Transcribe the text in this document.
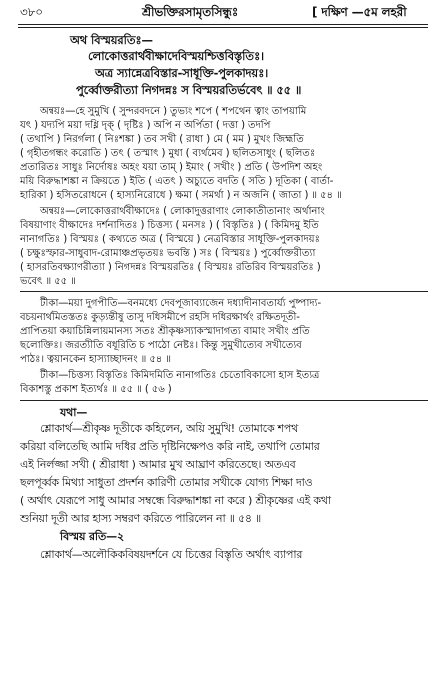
৩৮০	শ্রীভক্তিরসামৃতসিন্ধুঃ	[ দক্ষিণ —৫ম লহরী
অথ বিস্ময়রতিঃ—
লোকোত্তরার্থবীক্ষাদেবিস্ময়শ্চিত্তবিস্তৃতিঃ।
অত্র স্যান্নেত্রবিস্তার-সাধূক্তি-পুলকাদয়ঃ।
পুর্ব্বোক্তরীত্যা নিগদন্নঃ স বিস্ময়রতির্ভবেৎ ॥ ৫৫ ॥
অন্বয়ঃ—হে সুমুখি ( সুন্দরবদনে ) তুভ্যং শপে ( শপথেন ত্বাং তাপয়ামি
যৎ ) যদ্যপি ময়া দধ্নি দৃক্ ( দৃষ্টিঃ ) অপি ন অর্পিতা ( দত্তা ) তদপি
( তথাপি ) নিরর্গলা ( নিঃশঙ্কা ) তব সখী ( রাধা ) মে ( মম ) মুখং জিহ্মতি
( গৃহীতগন্ধং করোতি ) তৎ ( তস্মাৎ ) মুধা ( ব্যর্থমেব ) ছলিতসাধুং ( ছলিতঃ
প্রতারিতঃ সাধুঃ নির্দোষঃ অহং যয়া তাম্ ) ইমাং ( সখীং ) প্রতি ( উপদিশ অহং
ময়ি বিরুদ্ধাশঙ্কা ন ক্রিয়তে ) ইতি ( এতৎ ) অচ্যুতে বদতি ( সতি ) দূতিকা ( বার্তা-
হারিকা ) হসিতরোধনে ( হাস্যনিরোধে ) ক্ষমা ( সমর্থা ) ন অজনি ( জাতা ) ॥ ৫৪ ॥
অন্বয়ঃ—লোকোত্তরার্থবীক্ষাদেঃ ( লোকাদুত্তরাণাং লোকাতীতানাং অর্থানাং
বিষয়াণাং বীক্ষাদেঃ দর্শনাদিতঃ ) চিত্তস্য ( মনসঃ ) ( বিস্তৃতিঃ ) ( কিমিদমু ইতি
নানাগতিঃ ) বিস্ময়ঃ ( কথ্যতে অত্র ( বিস্ময়ে ) নেত্রবিস্তার সাধূক্তি-পুলকাদয়ঃ
( চক্ষুঃস্ফার-সাধুবাদ-রোমাঞ্চপ্রভৃতয়ঃ ভবন্তি ) সঃ ( বিস্ময়ঃ ) পুর্ব্বোক্তরীত্যা
( হাসরতিবক্ষ্যাণরীত্যা ) নিগদন্নঃ বিস্ময়রতিঃ ( বিস্ময়ঃ রতিরিব বিস্ময়রতিঃ )
ভবেৎ ॥ ৫৫ ॥
টীকা—ময়া দুগপীতি—বনমধ্যে দেবপূজাব্যাজেন দধ্যাদীনাবতার্য্য পুষ্পাদ্য-
বচয়নার্থমিতস্ততঃ কুড়্যন্তীষু তাসু দধিসমীপে রহসি দধিরক্ষার্থং রক্ষিতদূতী-
প্রাপিতয়া কয়াচিন্নিলায়মানস্য সতঃ শ্রীকৃষ্ণস্যাকস্মাদাগত্য বামাং সখীং প্রতি
ছলোক্তিঃ। জরত্যীতি বধূরিতি চ পাঠো নেষ্টঃ। কিন্তু সুমুখীত্যেব সখীত্যেব
পাঠঃ। ত্বয়ানকেন হাস্যাচ্ছাদনং ॥ ৫৪ ॥
টীকা—চিত্তস্য বিস্তৃতিঃ কিমিদমিতি নানাগতিঃ চেতোবিকাসো হাস ইত্যত্র
বিকাশস্তু প্রকাশ ইত্যর্থঃ ॥ ৫৫ ॥ ( ৫৬ )
যথা—
শ্লোকার্থ—শ্রীকৃষ্ণ দূতীকে কহিলেন, অয়ি সুমুখি! তোমাকে শপথ
করিয়া বলিতেছি আমি দধির প্রতি দৃষ্টিনিক্ষেপও করি নাই, তথাপি তোমার
এই নির্লজ্জা সখী ( শ্রীরাধা ) আমার মুখ আঘ্রাণ করিতেছে। অতএব
ছলপূর্ব্বক মিথ্যা সাধুতা প্রদর্শন কারিণী তোমার সখীকে যোগ্য শিক্ষা দাও
( অর্থাৎ যেরূপে সাধু আমার সম্বন্ধে বিরুদ্ধাশঙ্কা না করে ) শ্রীকৃষ্ণের এই কথা
শুনিয়া দূতী আর হাস্য সম্বরণ করিতে পারিলেন না ॥ ৫৪ ॥
বিস্ময় রতি—২
শ্লোকার্থ—অলৌকিকবিষয়দর্শনে যে চিত্তের বিস্তৃতি অর্থাৎ ব্যাপার
